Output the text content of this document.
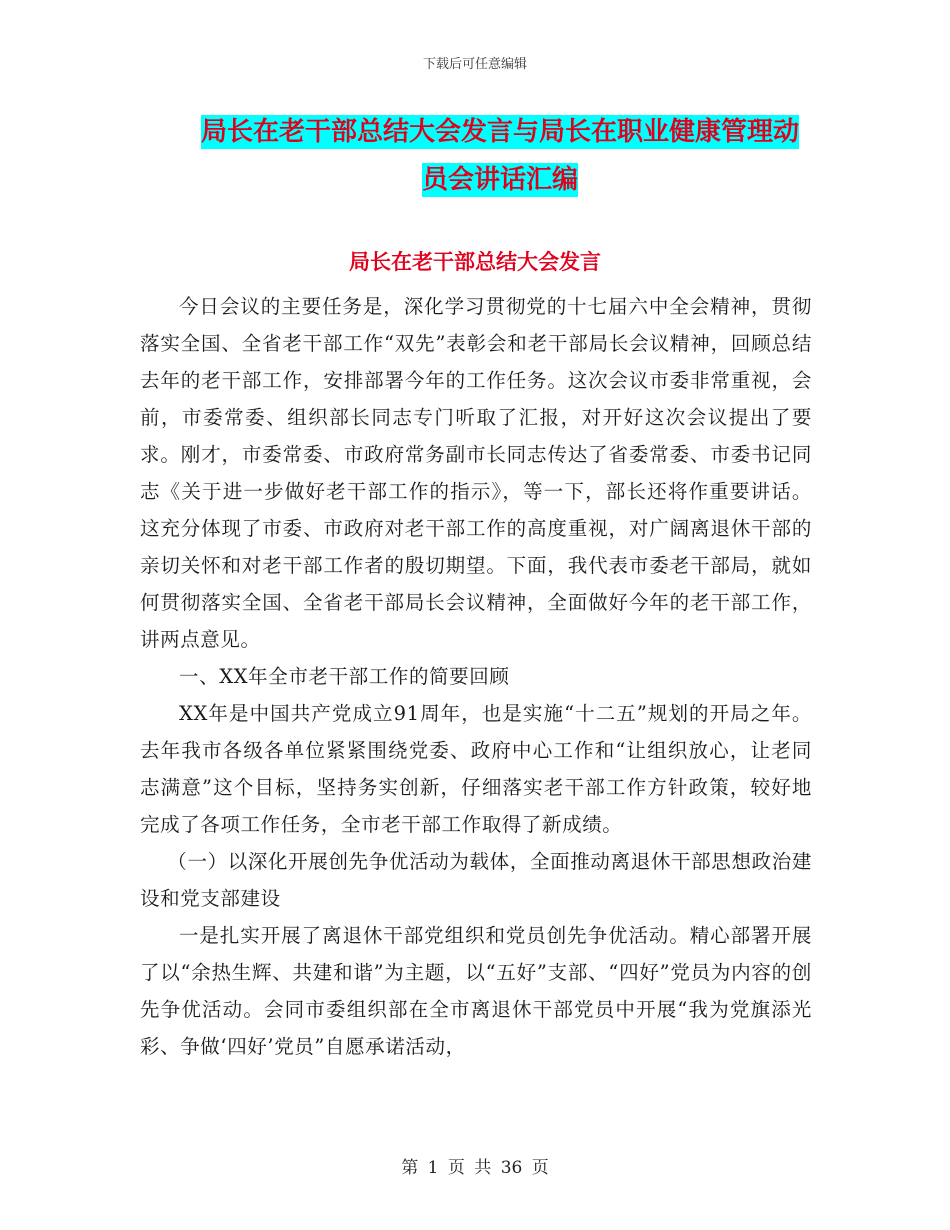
下载后可任意编辑
局长在老干部总结大会发言与局长在职业健康管理动
员会讲话汇编
局长在老干部总结大会发言

今日会议的主要任务是，深化学习贯彻党的十七届六中全会精神，贯彻落实全国、全省老干部工作“双先”表彰会和老干部局长会议精神，回顾总结去年的老干部工作，安排部署今年的工作任务。这次会议市委非常重视，会前，市委常委、组织部长同志专门听取了汇报，对开好这次会议提出了要求。刚才，市委常委、市政府常务副市长同志传达了省委常委、市委书记同志《关于进一步做好老干部工作的指示》，等一下，部长还将作重要讲话。这充分体现了市委、市政府对老干部工作的高度重视，对广阔离退休干部的亲切关怀和对老干部工作者的殷切期望。下面，我代表市委老干部局，就如何贯彻落实全国、全省老干部局长会议精神，全面做好今年的老干部工作，讲两点意见。

一、XX年全市老干部工作的简要回顾

XX年是中国共产党成立91周年，也是实施“十二五”规划的开局之年。去年我市各级各单位紧紧围绕党委、政府中心工作和“让组织放心，让老同志满意”这个目标，坚持务实创新，仔细落实老干部工作方针政策，较好地完成了各项工作任务，全市老干部工作取得了新成绩。

（一）以深化开展创先争优活动为载体，全面推动离退休干部思想政治建设和党支部建设

一是扎实开展了离退休干部党组织和党员创先争优活动。精心部署开展了以“余热生辉、共建和谐”为主题，以“五好”支部、“四好”党员为内容的创先争优活动。会同市委组织部在全市离退休干部党员中开展“我为党旗添光彩、争做‘四好’党员”自愿承诺活动，

第 1 页 共 36 页
